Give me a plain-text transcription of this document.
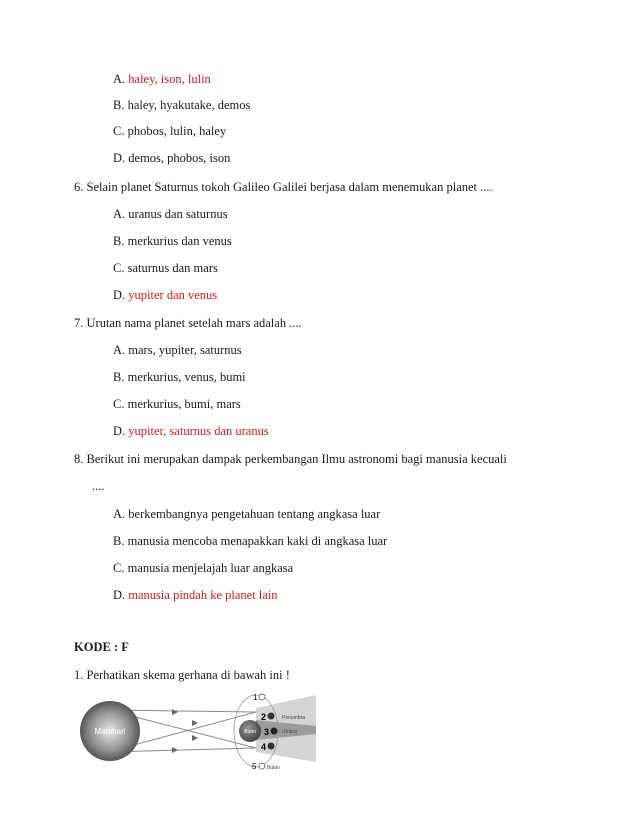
A. haley, ison, lulin
B. haley, hyakutake, demos
C. phobos, lulin, haley
D. demos, phobos, ison
6. Selain planet Saturnus tokoh Galileo Galilei berjasa dalam menemukan planet ....
A. uranus dan saturnus
B. merkurius dan venus
C. saturnus dan mars
D. yupiter dan venus
7. Urutan nama planet setelah mars adalah ....
A. mars, yupiter, saturnus
B. merkurius, venus, bumi
C. merkurius, bumi, mars
D. yupiter, saturnus dan uranus
8. Berikut ini merupakan dampak perkembangan Ilmu astronomi bagi manusia kecuali
....
A. berkembangnya pengetahuan tentang angkasa luar
B. manusia mencoba menapakkan kaki di angkasa luar
C. manusia menjelajah luar angkasa
D. manusia pindah ke planet lain
KODE : F
1. Perhatikan skema gerhana di bawah ini !
Matahari	Bumi
1
2
3
4
5
Penumbra
Umbra
Bulan
